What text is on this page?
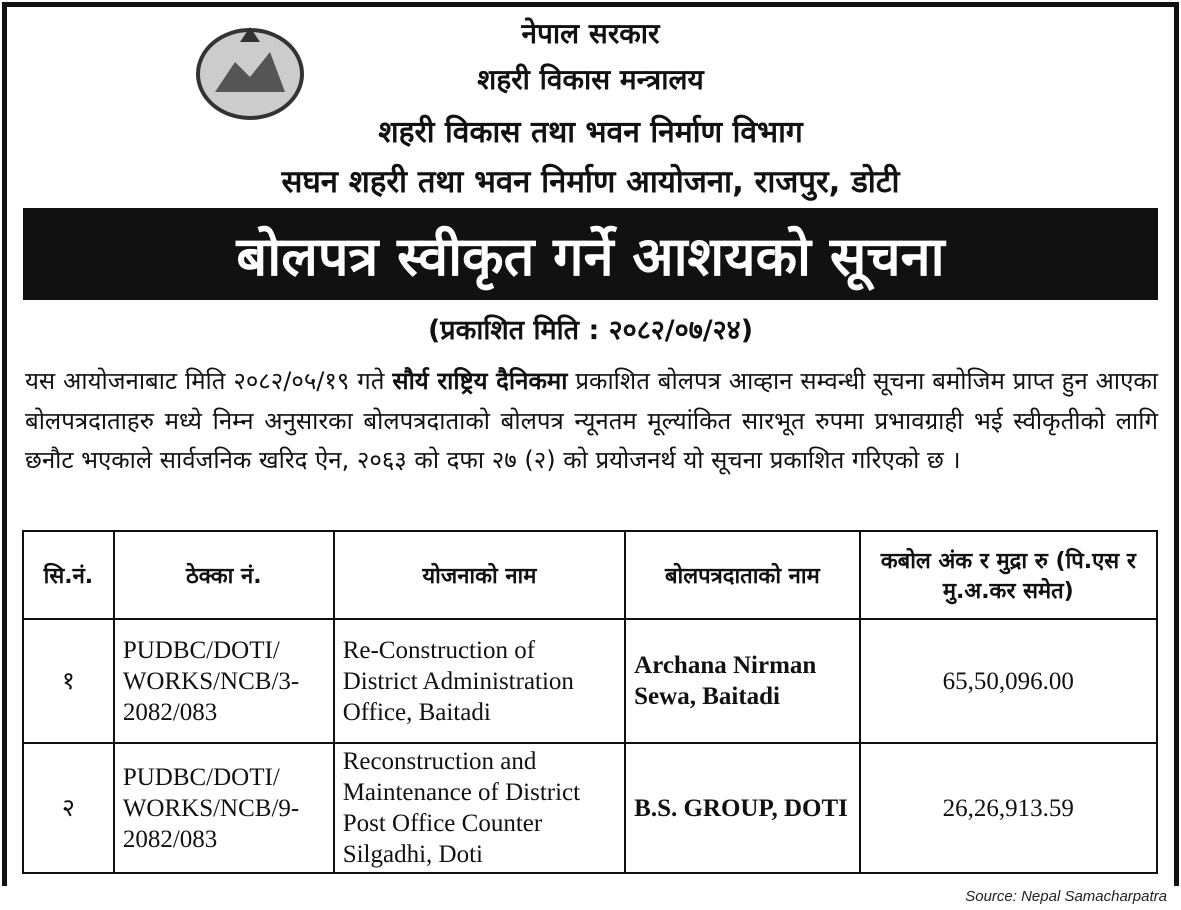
नेपाल सरकार
शहरी विकास मन्त्रालय
शहरी विकास तथा भवन निर्माण विभाग
सघन शहरी तथा भवन निर्माण आयोजना, राजपुर, डोटी
बोलपत्र स्वीकृत गर्ने आशयको सूचना
(प्रकाशित मिति : २०८२/०७/२४)
यस आयोजनाबाट मिति २०८२/०५/१९ गते सौर्य राष्ट्रिय दैनिकमा प्रकाशित बोलपत्र आव्हान सम्वन्धी सूचना बमोजिम प्राप्त हुन आएका बोलपत्रदाताहरु मध्ये निम्न अनुसारका बोलपत्रदाताको बोलपत्र न्यूनतम मूल्यांकित सारभूत रुपमा प्रभावग्राही भई स्वीकृतीको लागि छनौट भएकाले सार्वजनिक खरिद ऐन, २०६३ को दफा २७ (२) को प्रयोजनर्थ यो सूचना प्रकाशित गरिएको छ ।
सि.नं.	ठेक्का नं.	योजनाको नाम	बोलपत्रदाताको नाम	कबोल अंक र मुद्रा रु (पि.एस र मु.अ.कर समेत)
१	PUDBC/DOTI/ WORKS/NCB/3- 2082/083	Re-Construction of District Administration Office, Baitadi	Archana Nirman Sewa, Baitadi	65,50,096.00
२	PUDBC/DOTI/ WORKS/NCB/9- 2082/083	Reconstruction and Maintenance of District Post Office Counter Silgadhi, Doti	B.S. GROUP, DOTI	26,26,913.59
Source: Nepal Samacharpatra
